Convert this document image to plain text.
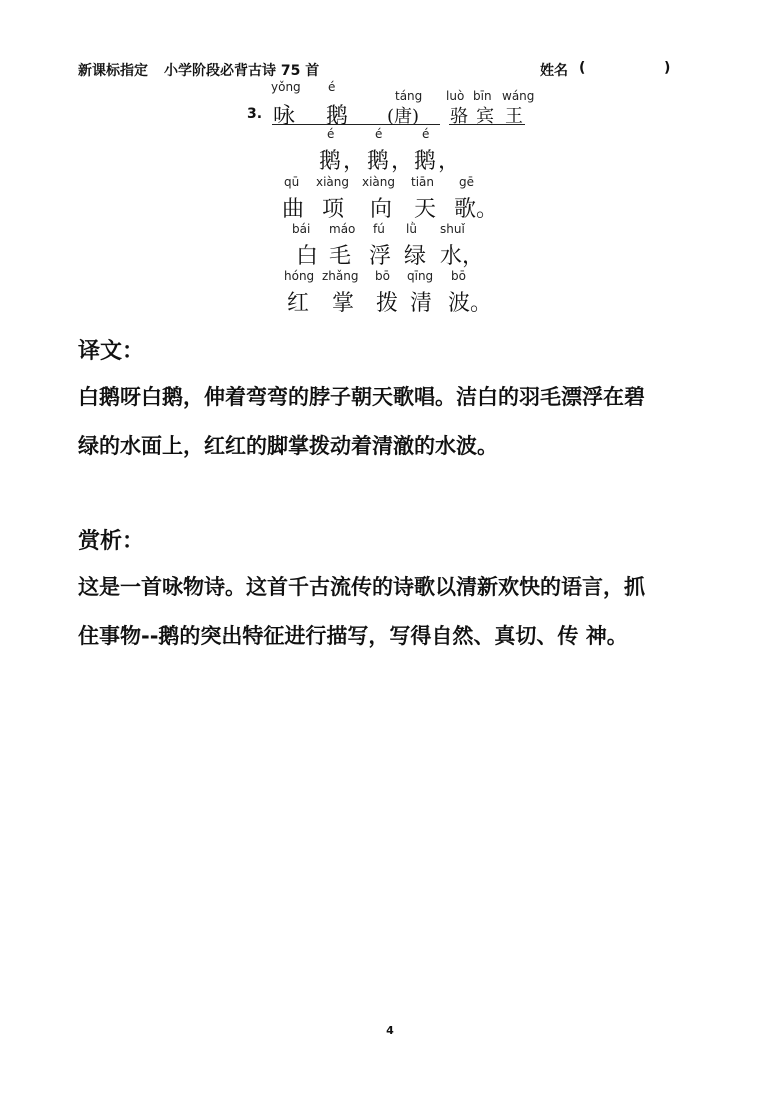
新课标指定 小学阶段必背古诗 75 首	姓名 (	)
yǒng é
táng luò bīn wáng
3. 咏 鹅 (唐) 骆 宾 王
é	é	é
鹅 ， 鹅 ， 鹅 ，
qū xiàng xiàng tiān gē
曲 项 向 天 歌 。
bái máo fú lǜ shuǐ
白 毛 浮 绿 水 ，
hóng zhǎng bō qīng bō
红 掌 拨 清 波 。
译文：
白鹅呀白鹅，伸着弯弯的脖子朝天歌唱。洁白的羽毛漂浮在碧
绿的水面上，红红的脚掌拨动着清澈的水波。
赏析：
这是一首咏物诗。这首千古流传的诗歌以清新欢快的语言，抓
住事物--鹅的突出特征进行描写，写得自然、真切、传 神。
4
